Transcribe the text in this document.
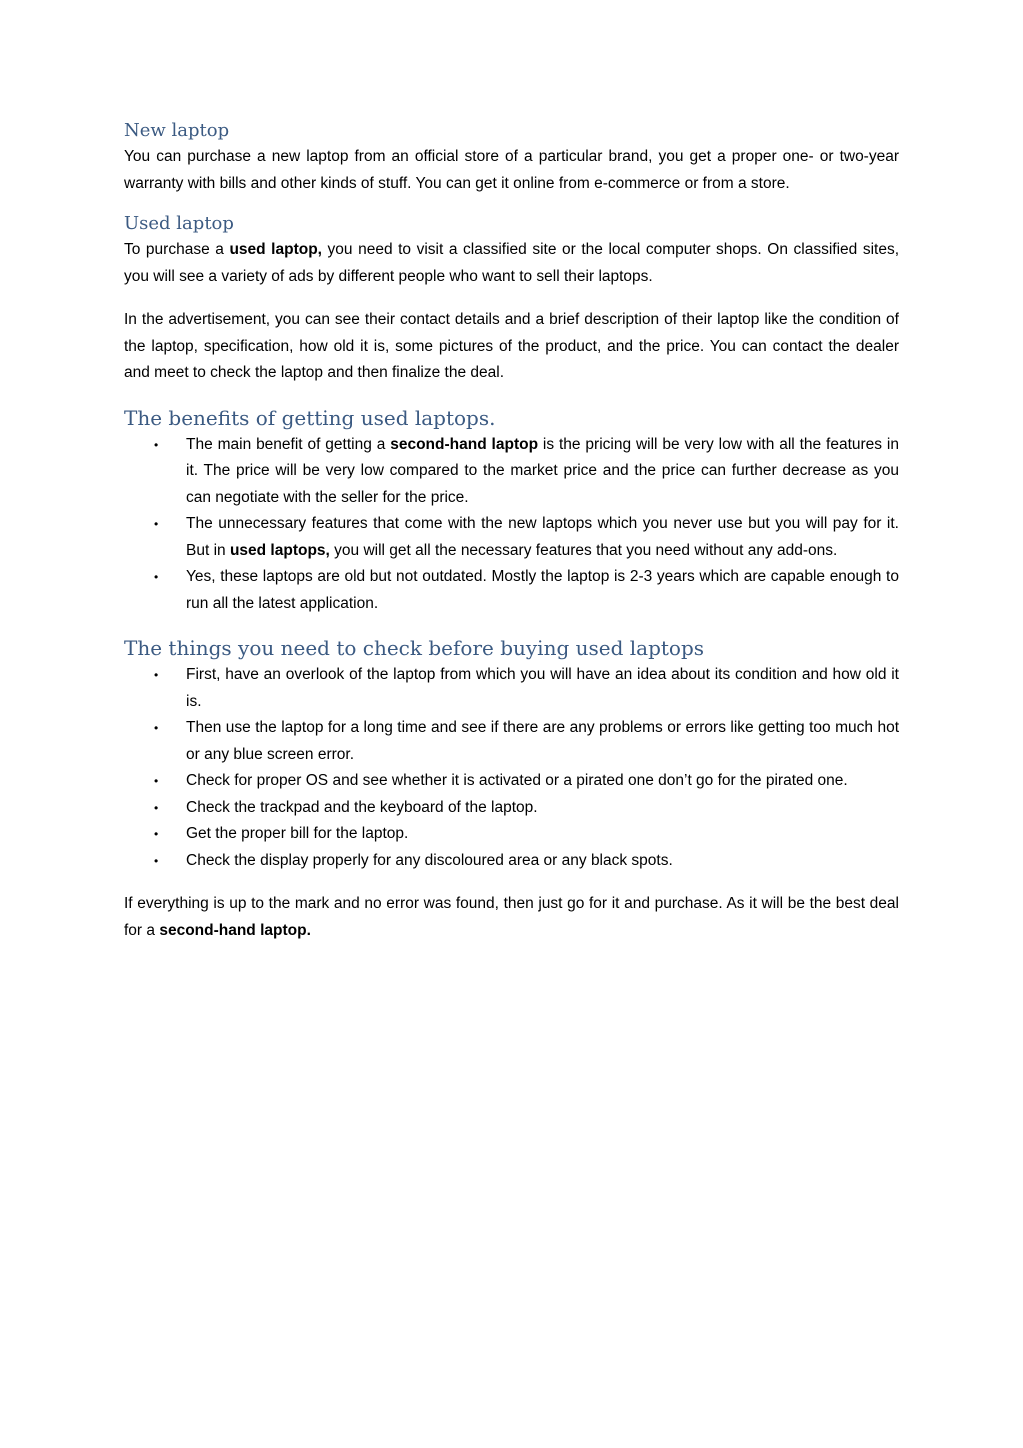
New laptop

You can purchase a new laptop from an official store of a particular brand, you get a proper one- or two-year warranty with bills and other kinds of stuff. You can get it online from e-commerce or from a store.

Used laptop

To purchase a used laptop, you need to visit a classified site or the local computer shops. On classified sites, you will see a variety of ads by different people who want to sell their laptops.

In the advertisement, you can see their contact details and a brief description of their laptop like the condition of the laptop, specification, how old it is, some pictures of the product, and the price. You can contact the dealer and meet to check the laptop and then finalize the deal.

The benefits of getting used laptops.
• The main benefit of getting a second-hand laptop is the pricing will be very low with all the features in it. The price will be very low compared to the market price and the price can further decrease as you can negotiate with the seller for the price.
• The unnecessary features that come with the new laptops which you never use but you will pay for it. But in used laptops, you will get all the necessary features that you need without any add-ons.
• Yes, these laptops are old but not outdated. Mostly the laptop is 2-3 years which are capable enough to run all the latest application.
The things you need to check before buying used laptops
• First, have an overlook of the laptop from which you will have an idea about its condition and how old it is.
• Then use the laptop for a long time and see if there are any problems or errors like getting too much hot or any blue screen error.
• Check for proper OS and see whether it is activated or a pirated one don’t go for the pirated one.
• Check the trackpad and the keyboard of the laptop.
• Get the proper bill for the laptop.
• Check the display properly for any discoloured area or any black spots.

If everything is up to the mark and no error was found, then just go for it and purchase. As it will be the best deal for a second-hand laptop.
